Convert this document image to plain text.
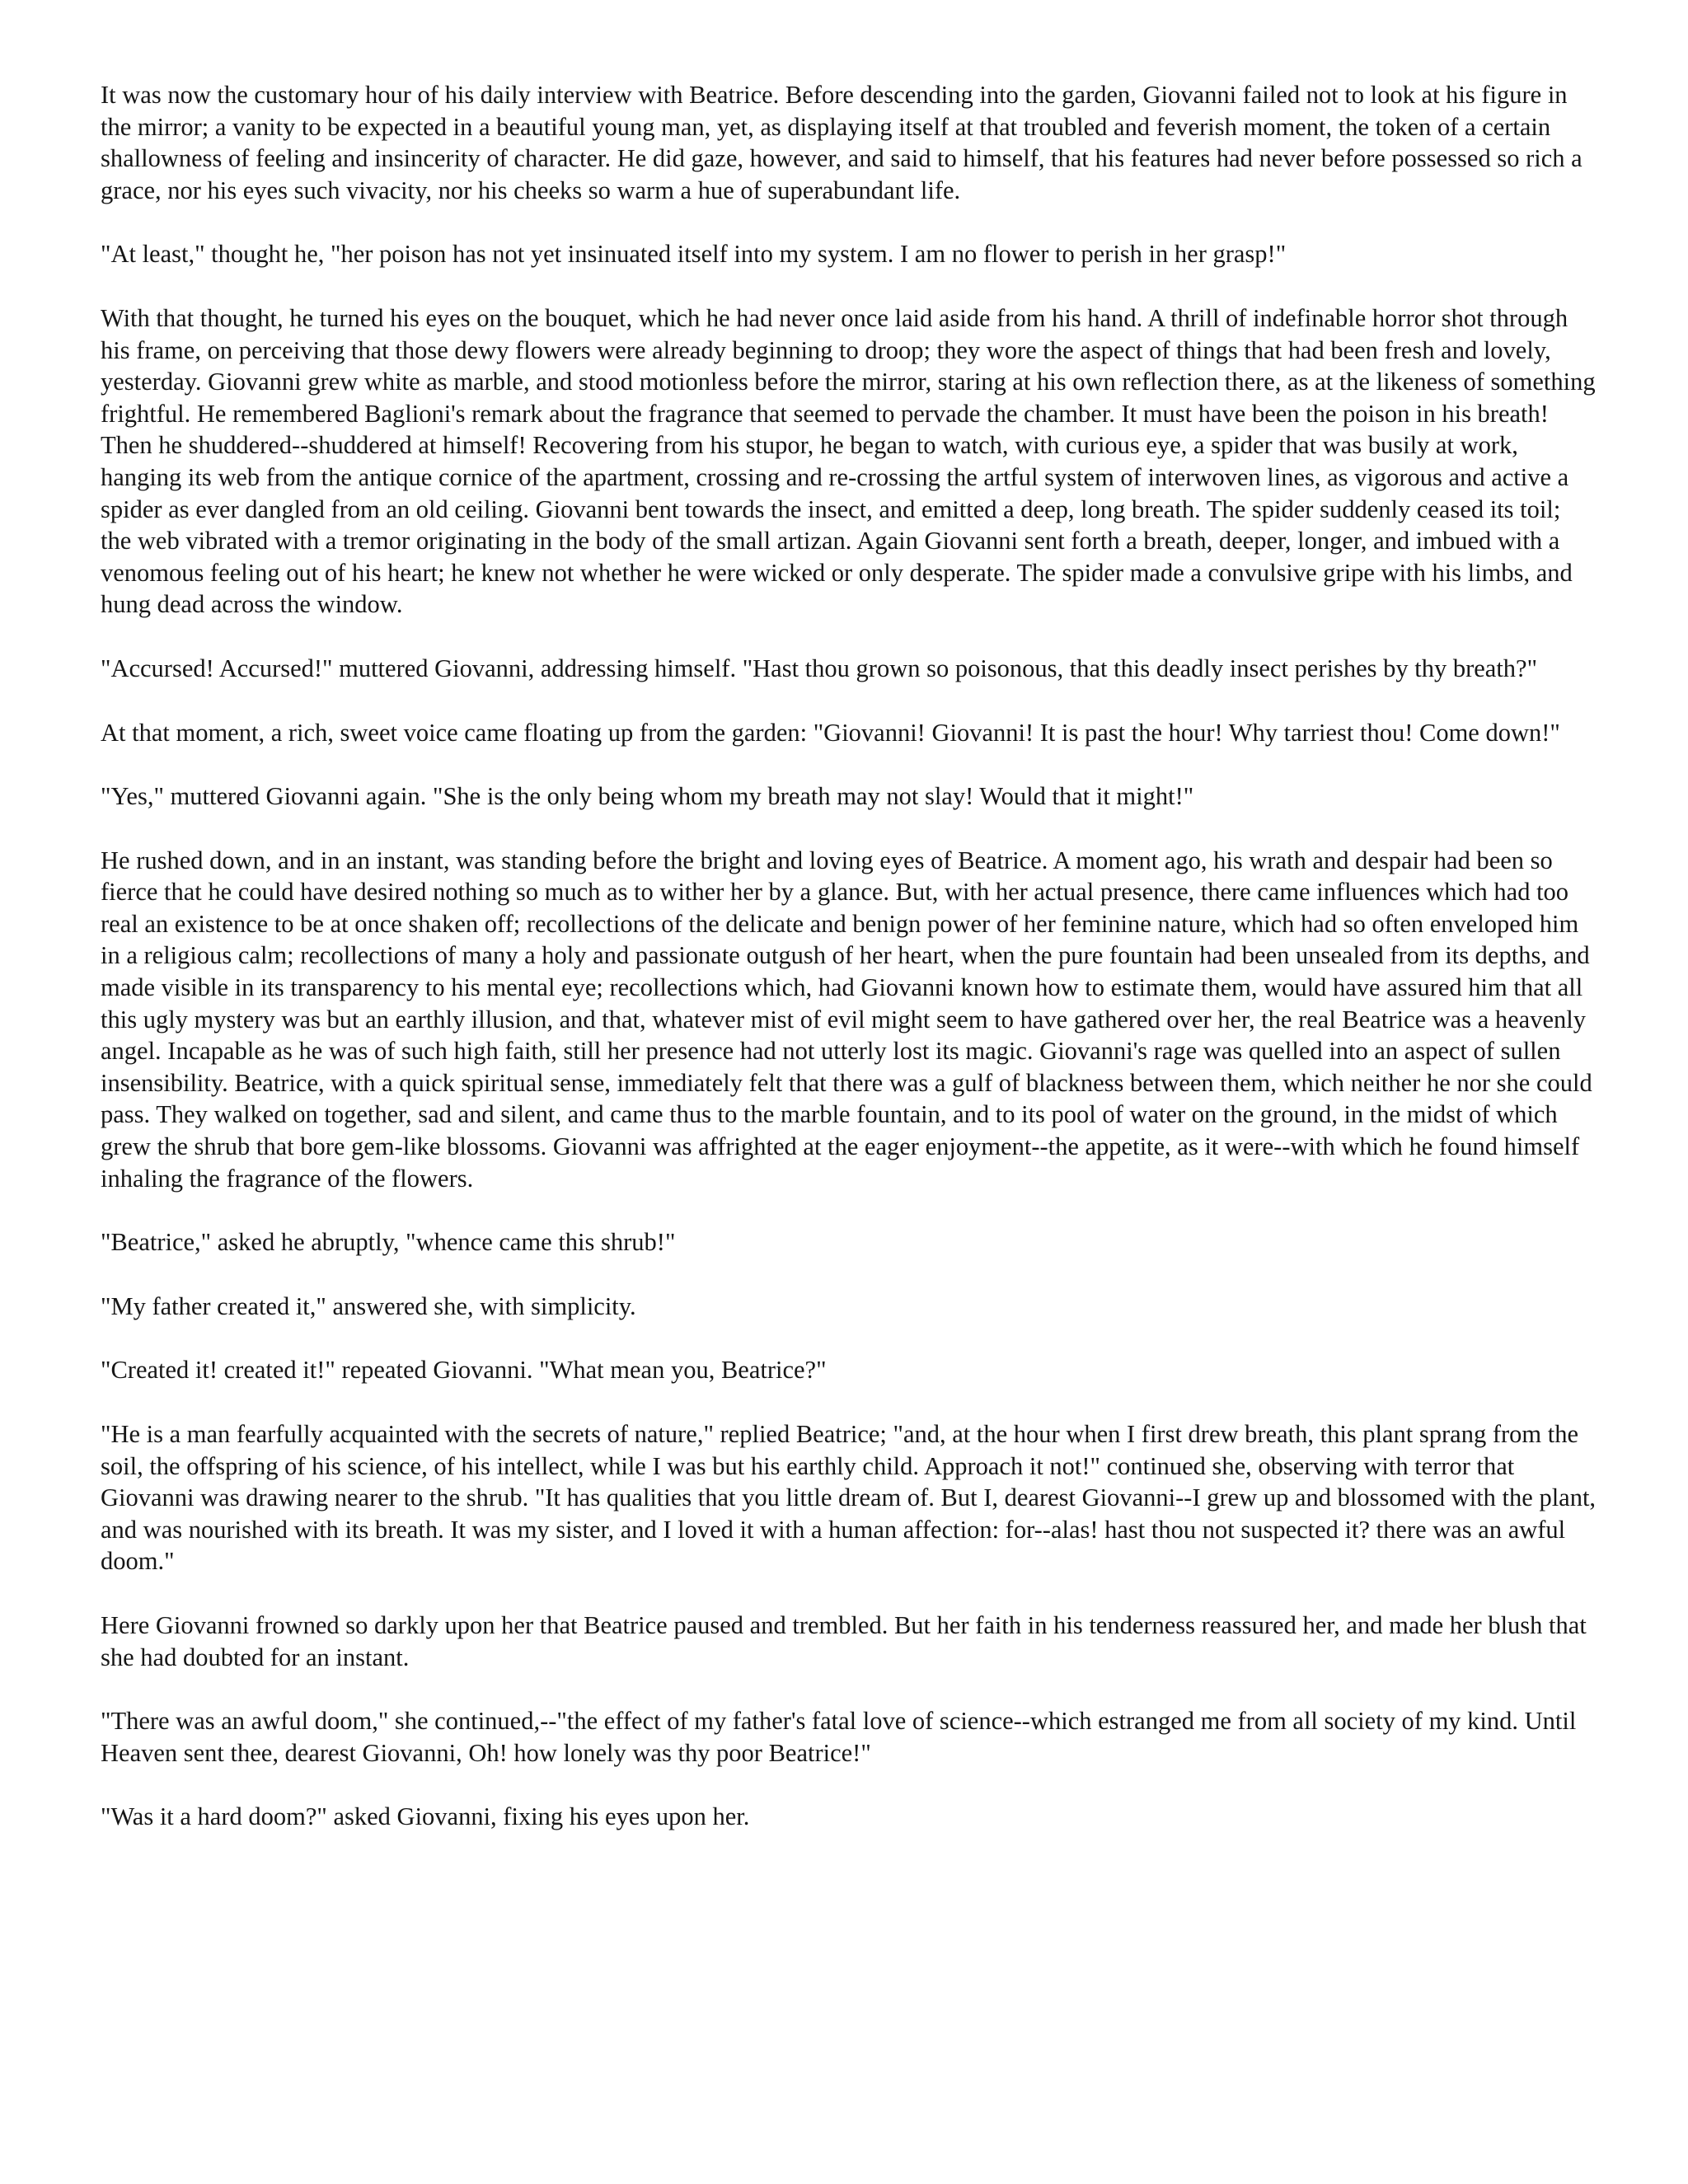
It was now the customary hour of his daily interview with Beatrice. Before descending into the garden, Giovanni failed not to look at his figure in the mirror; a vanity to be expected in a beautiful young man, yet, as displaying itself at that troubled and feverish moment, the token of a certain shallowness of feeling and insincerity of character. He did gaze, however, and said to himself, that his features had never before possessed so rich a grace, nor his eyes such vivacity, nor his cheeks so warm a hue of superabundant life.

"At least," thought he, "her poison has not yet insinuated itself into my system. I am no flower to perish in her grasp!"

With that thought, he turned his eyes on the bouquet, which he had never once laid aside from his hand. A thrill of indefinable horror shot through his frame, on perceiving that those dewy flowers were already beginning to droop; they wore the aspect of things that had been fresh and lovely, yesterday. Giovanni grew white as marble, and stood motionless before the mirror, staring at his own reflection there, as at the likeness of something frightful. He remembered Baglioni's remark about the fragrance that seemed to pervade the chamber. It must have been the poison in his breath! Then he shuddered--shuddered at himself! Recovering from his stupor, he began to watch, with curious eye, a spider that was busily at work, hanging its web from the antique cornice of the apartment, crossing and re-crossing the artful system of interwoven lines, as vigorous and active a spider as ever dangled from an old ceiling. Giovanni bent towards the insect, and emitted a deep, long breath. The spider suddenly ceased its toil; the web vibrated with a tremor originating in the body of the small artizan. Again Giovanni sent forth a breath, deeper, longer, and imbued with a venomous feeling out of his heart; he knew not whether he were wicked or only desperate. The spider made a convulsive gripe with his limbs, and hung dead across the window.

"Accursed! Accursed!" muttered Giovanni, addressing himself. "Hast thou grown so poisonous, that this deadly insect perishes by thy breath?"

At that moment, a rich, sweet voice came floating up from the garden: "Giovanni! Giovanni! It is past the hour! Why tarriest thou! Come down!"

"Yes," muttered Giovanni again. "She is the only being whom my breath may not slay! Would that it might!"

He rushed down, and in an instant, was standing before the bright and loving eyes of Beatrice. A moment ago, his wrath and despair had been so fierce that he could have desired nothing so much as to wither her by a glance. But, with her actual presence, there came influences which had too real an existence to be at once shaken off; recollections of the delicate and benign power of her feminine nature, which had so often enveloped him in a religious calm; recollections of many a holy and passionate outgush of her heart, when the pure fountain had been unsealed from its depths, and made visible in its transparency to his mental eye; recollections which, had Giovanni known how to estimate them, would have assured him that all this ugly mystery was but an earthly illusion, and that, whatever mist of evil might seem to have gathered over her, the real Beatrice was a heavenly angel. Incapable as he was of such high faith, still her presence had not utterly lost its magic. Giovanni's rage was quelled into an aspect of sullen insensibility. Beatrice, with a quick spiritual sense, immediately felt that there was a gulf of blackness between them, which neither he nor she could pass. They walked on together, sad and silent, and came thus to the marble fountain, and to its pool of water on the ground, in the midst of which grew the shrub that bore gem-like blossoms. Giovanni was affrighted at the eager enjoyment--the appetite, as it were--with which he found himself inhaling the fragrance of the flowers.

"Beatrice," asked he abruptly, "whence came this shrub!"

"My father created it," answered she, with simplicity.

"Created it! created it!" repeated Giovanni. "What mean you, Beatrice?"

"He is a man fearfully acquainted with the secrets of nature," replied Beatrice; "and, at the hour when I first drew breath, this plant sprang from the soil, the offspring of his science, of his intellect, while I was but his earthly child. Approach it not!" continued she, observing with terror that Giovanni was drawing nearer to the shrub. "It has qualities that you little dream of. But I, dearest Giovanni--I grew up and blossomed with the plant, and was nourished with its breath. It was my sister, and I loved it with a human affection: for--alas! hast thou not suspected it? there was an awful doom."

Here Giovanni frowned so darkly upon her that Beatrice paused and trembled. But her faith in his tenderness reassured her, and made her blush that she had doubted for an instant.

"There was an awful doom," she continued,--"the effect of my father's fatal love of science--which estranged me from all society of my kind. Until Heaven sent thee, dearest Giovanni, Oh! how lonely was thy poor Beatrice!"

"Was it a hard doom?" asked Giovanni, fixing his eyes upon her.
